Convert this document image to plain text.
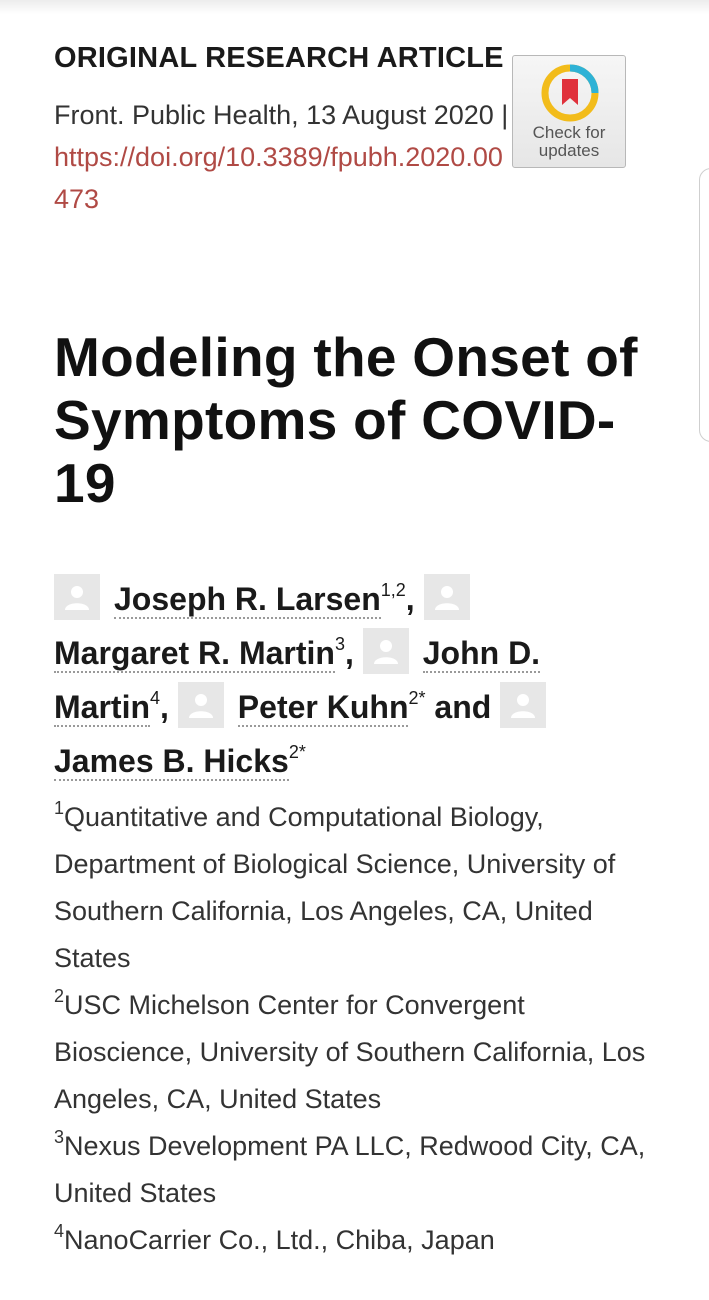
ORIGINAL RESEARCH ARTICLE
Front. Public Health, 13 August 2020 | https://doi.org/10.3389/fpubh.2020.00473
Check for
updates
Modeling the Onset of Symptoms of COVID-19
Joseph R. Larsen$^{1,2}$,
Margaret R. Martin$^3$, John D. Martin$^4$, Peter Kuhn$^{2*}$ and
James B. Hicks$^{2*}$
$^1$Quantitative and Computational Biology, Department of Biological Science, University of Southern California, Los Angeles, CA, United States
$^2$USC Michelson Center for Convergent Bioscience, University of Southern California, Los Angeles, CA, United States
$^3$Nexus Development PA LLC, Redwood City, CA, United States
$^4$NanoCarrier Co., Ltd., Chiba, Japan
